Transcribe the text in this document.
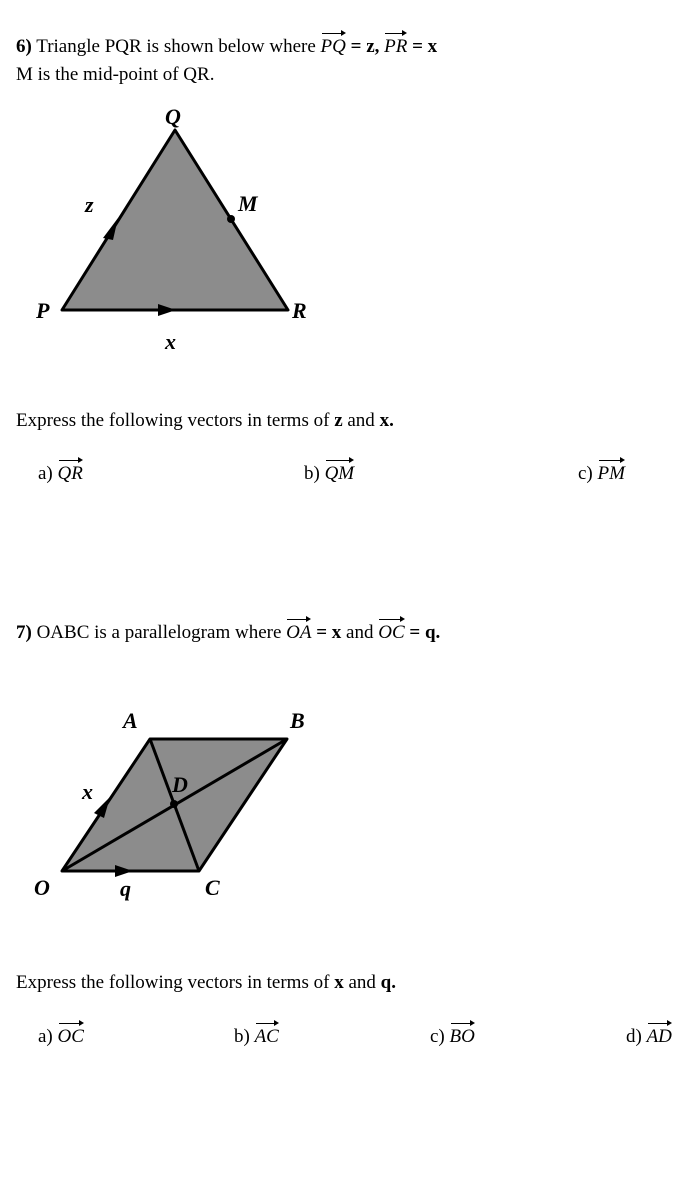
6) Triangle PQR is shown below where PQ = z, PR = x
M is the mid-point of QR.
Q
P	R
M
z
x
Express the following vectors in terms of z and x.
a) QR	b) QM	c) PM
7) OABC is a parallelogram where OA = x and OC = q.
A	B
O	C
D
x
q
Express the following vectors in terms of x and q.
a) OC	b) AC	c) BO	d) AD
